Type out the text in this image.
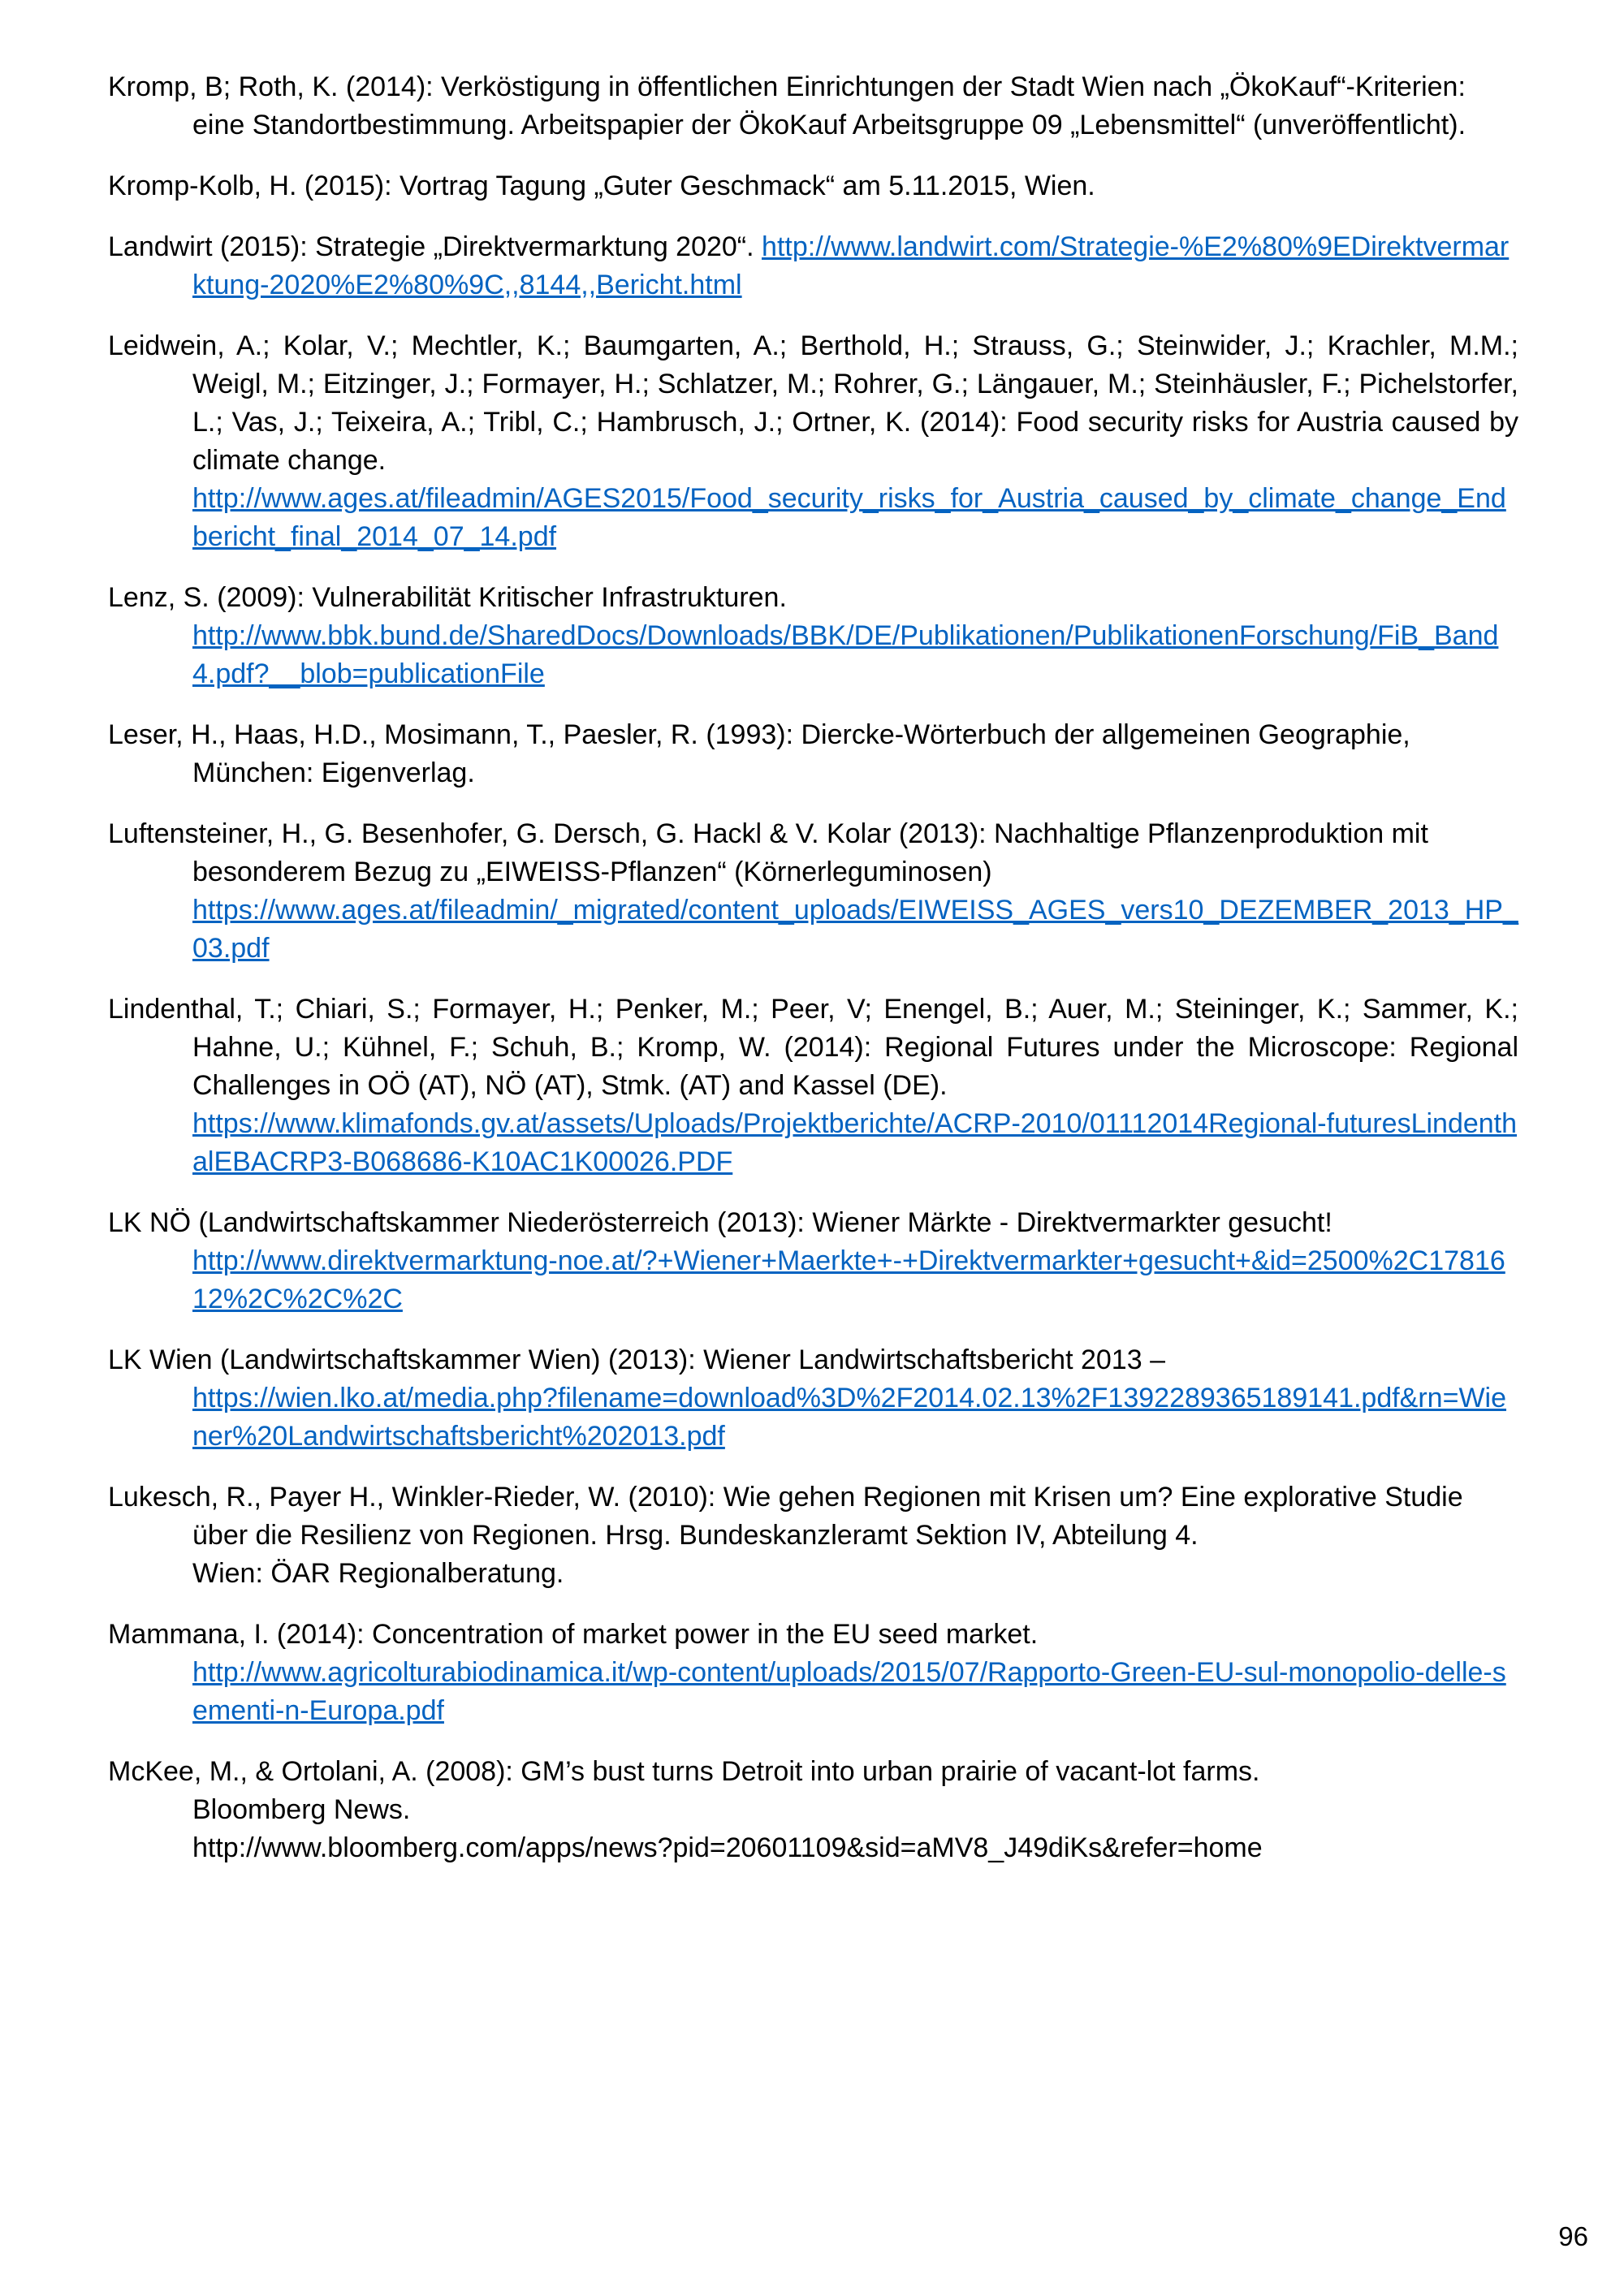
Kromp, B; Roth, K. (2014): Verköstigung in öffentlichen Einrichtungen der Stadt Wien nach „ÖkoKauf“-Kriterien: eine Standortbestimmung. Arbeitspapier der ÖkoKauf Arbeitsgruppe 09 „Lebensmittel“ (unveröffentlicht).

Kromp-Kolb, H. (2015): Vortrag Tagung „Guter Geschmack“ am 5.11.2015, Wien.

Landwirt (2015): Strategie „Direktvermarktung 2020“. http://www.landwirt.com/Strategie-%E2%80%9EDirektvermarktung-2020%E2%80%9C,,8144,,Bericht.html

Leidwein, A.; Kolar, V.; Mechtler, K.; Baumgarten, A.; Berthold, H.; Strauss, G.; Steinwider, J.; Krachler, M.M.; Weigl, M.; Eitzinger, J.; Formayer, H.; Schlatzer, M.; Rohrer, G.; Längauer, M.; Steinhäusler, F.; Pichelstorfer, L.; Vas, J.; Teixeira, A.; Tribl, C.; Hambrusch, J.; Ortner, K. (2014): Food security risks for Austria caused by climate change.
http://www.ages.at/fileadmin/AGES2015/Food_security_risks_for_Austria_caused_by_climate_change_Endbericht_final_2014_07_14.pdf

Lenz, S. (2009): Vulnerabilität Kritischer Infrastrukturen.
http://www.bbk.bund.de/SharedDocs/Downloads/BBK/DE/Publikationen/PublikationenForschung/FiB_Band4.pdf?__blob=publicationFile

Leser, H., Haas, H.D., Mosimann, T., Paesler, R. (1993): Diercke-Wörterbuch der allgemeinen Geographie, München: Eigenverlag.

Luftensteiner, H., G. Besenhofer, G. Dersch, G. Hackl & V. Kolar (2013): Nachhaltige Pflanzenproduktion mit besonderem Bezug zu „EIWEISS-Pflanzen“ (Körnerleguminosen)
https://www.ages.at/fileadmin/_migrated/content_uploads/EIWEISS_AGES_vers10_DEZEMBER_2013_HP_03.pdf

Lindenthal, T.; Chiari, S.; Formayer, H.; Penker, M.; Peer, V; Enengel, B.; Auer, M.; Steininger, K.; Sammer, K.; Hahne, U.; Kühnel, F.; Schuh, B.; Kromp, W. (2014): Regional Futures under the Microscope: Regional Challenges in OÖ (AT), NÖ (AT), Stmk. (AT) and Kassel (DE).
https://www.klimafonds.gv.at/assets/Uploads/Projektberichte/ACRP-2010/01112014Regional-futuresLindenthalEBACRP3-B068686-K10AC1K00026.PDF

LK NÖ (Landwirtschaftskammer Niederösterreich (2013): Wiener Märkte - Direktvermarkter gesucht!
http://www.direktvermarktung-noe.at/?+Wiener+Maerkte+-+Direktvermarkter+gesucht+&id=2500%2C1781612%2C%2C%2C

LK Wien (Landwirtschaftskammer Wien) (2013): Wiener Landwirtschaftsbericht 2013 –
https://wien.lko.at/media.php?filename=download%3D%2F2014.02.13%2F1392289365189141.pdf&rn=Wiener%20Landwirtschaftsbericht%202013.pdf

Lukesch, R., Payer H., Winkler-Rieder, W. (2010): Wie gehen Regionen mit Krisen um? Eine explorative Studie über die Resilienz von Regionen. Hrsg. Bundeskanzleramt Sektion IV, Abteilung 4.
Wien: ÖAR Regionalberatung.

Mammana, I. (2014): Concentration of market power in the EU seed market.
http://www.agricolturabiodinamica.it/wp-content/uploads/2015/07/Rapporto-Green-EU-sul-monopolio-delle-sementi-n-Europa.pdf

McKee, M., & Ortolani, A. (2008): GM’s bust turns Detroit into urban prairie of vacant-lot farms.
Bloomberg News.
http://www.bloomberg.com/apps/news?pid=20601109&sid=aMV8_J49diKs&refer=home

96
